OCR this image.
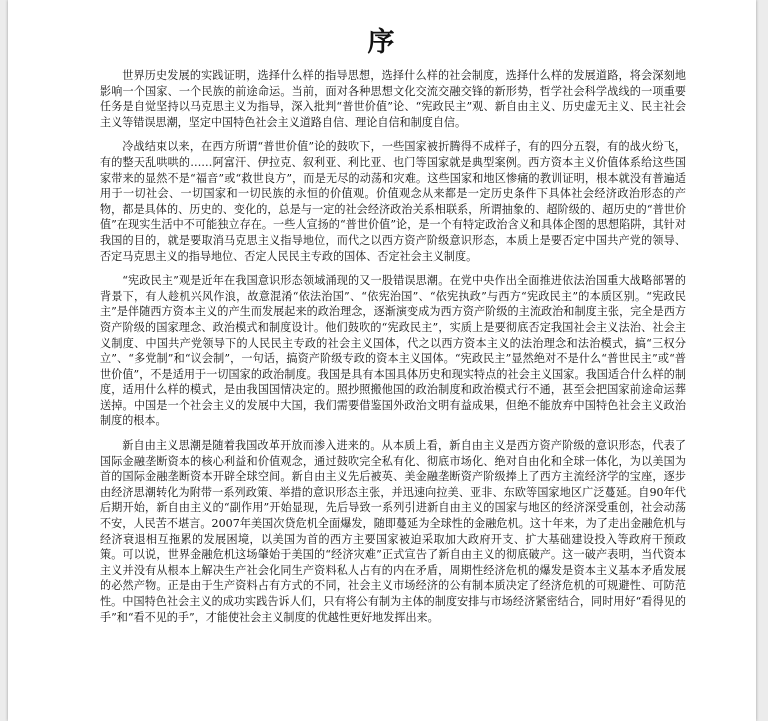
序

世界历史发展的实践证明，选择什么样的指导思想，选择什么样的社会制度，选择什么样的发展道路，将会深刻地影响一个国家、一个民族的前途命运。当前，面对各种思想文化交流交融交锋的新形势，哲学社会科学战线的一项重要任务是自觉坚持以马克思主义为指导，深入批判“普世价值”论、“宪政民主”观、新自由主义、历史虚无主义、民主社会主义等错误思潮，坚定中国特色社会主义道路自信、理论自信和制度自信。

冷战结束以来，在西方所谓“普世价值”论的鼓吹下，一些国家被折腾得不成样子，有的四分五裂，有的战火纷飞，有的整天乱哄哄的……阿富汗、伊拉克、叙利亚、利比亚、也门等国家就是典型案例。西方资本主义价值体系给这些国家带来的显然不是“福音”或“救世良方”，而是无尽的动荡和灾难。这些国家和地区惨痛的教训证明，根本就没有普遍适用于一切社会、一切国家和一切民族的永恒的价值观。价值观念从来都是一定历史条件下具体社会经济政治形态的产物，都是具体的、历史的、变化的，总是与一定的社会经济政治关系相联系，所谓抽象的、超阶级的、超历史的“普世价值”在现实生活中不可能独立存在。一些人宣扬的“普世价值”论，是一个有特定政治含义和具体企图的思想陷阱，其针对我国的目的，就是要取消马克思主义指导地位，而代之以西方资产阶级意识形态，本质上是要否定中国共产党的领导、否定马克思主义的指导地位、否定人民民主专政的国体、否定社会主义制度。

“宪政民主”观是近年在我国意识形态领域涌现的又一股错误思潮。在党中央作出全面推进依法治国重大战略部署的背景下，有人趁机兴风作浪，故意混淆“依法治国”、“依宪治国”、“依宪执政”与西方“宪政民主”的本质区别。“宪政民主”是伴随西方资本主义的产生而发展起来的政治理念，逐渐演变成为西方资产阶级的主流政治和制度主张，完全是西方资产阶级的国家理念、政治模式和制度设计。他们鼓吹的“宪政民主”，实质上是要彻底否定我国社会主义法治、社会主义制度、中国共产党领导下的人民民主专政的社会主义国体，代之以西方资本主义的法治理念和法治模式，搞“三权分立”、“多党制”和“议会制”，一句话，搞资产阶级专政的资本主义国体。“宪政民主”显然绝对不是什么“普世民主”或“普世价值”，不是适用于一切国家的政治制度。我国是具有本国具体历史和现实特点的社会主义国家。我国适合什么样的制度，适用什么样的模式，是由我国国情决定的。照抄照搬他国的政治制度和政治模式行不通，甚至会把国家前途命运葬送掉。中国是一个社会主义的发展中大国，我们需要借鉴国外政治文明有益成果，但绝不能放弃中国特色社会主义政治制度的根本。

新自由主义思潮是随着我国改革开放而渗入进来的。从本质上看，新自由主义是西方资产阶级的意识形态，代表了国际金融垄断资本的核心利益和价值观念，通过鼓吹完全私有化、彻底市场化、绝对自由化和全球一体化，为以美国为首的国际金融垄断资本开辟全球空间。新自由主义先后被英、美金融垄断资产阶级捧上了西方主流经济学的宝座，逐步由经济思潮转化为附带一系列政策、举措的意识形态主张，并迅速向拉美、亚非、东欧等国家地区广泛蔓延。自90年代后期开始，新自由主义的“副作用”开始显现，先后导致一系列引进新自由主义的国家与地区的经济深受重创，社会动荡不安，人民苦不堪言。2007年美国次贷危机全面爆发，随即蔓延为全球性的金融危机。这十年来，为了走出金融危机与经济衰退相互拖累的发展困境，以美国为首的西方主要国家被迫采取加大政府开支、扩大基础建设投入等政府干预政策。可以说，世界金融危机这场肇始于美国的“经济灾难”正式宣告了新自由主义的彻底破产。这一破产表明，当代资本主义并没有从根本上解决生产社会化同生产资料私人占有的内在矛盾，周期性经济危机的爆发是资本主义基本矛盾发展的必然产物。正是由于生产资料占有方式的不同，社会主义市场经济的公有制本质决定了经济危机的可规避性、可防范性。中国特色社会主义的成功实践告诉人们，只有将公有制为主体的制度安排与市场经济紧密结合，同时用好“看得见的手”和“看不见的手”，才能使社会主义制度的优越性更好地发挥出来。
